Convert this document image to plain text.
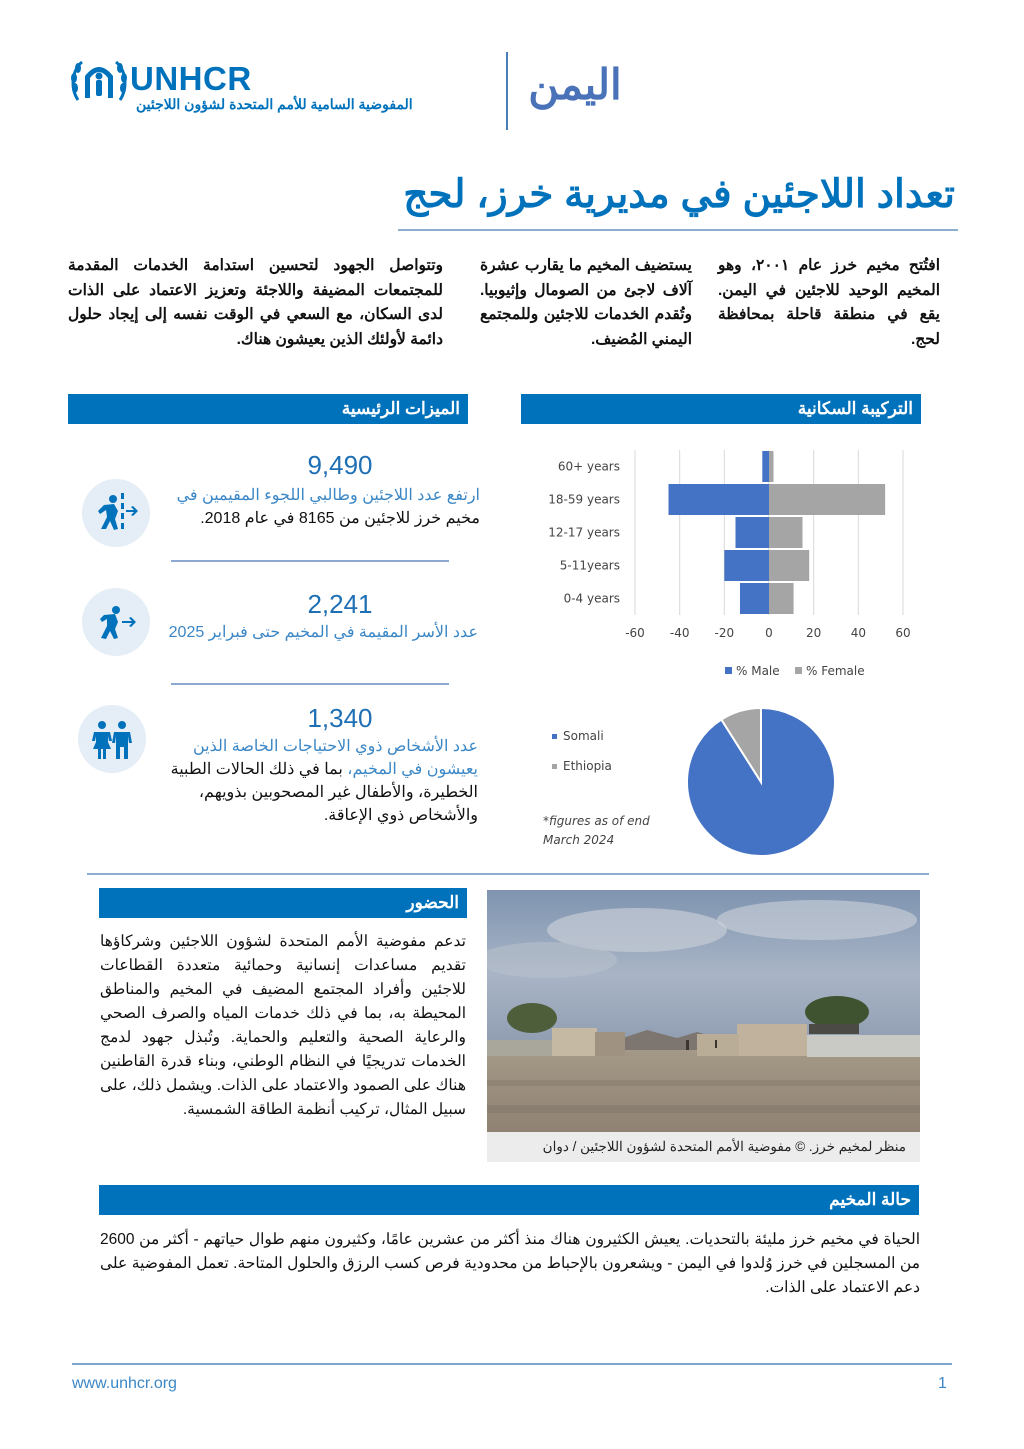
UNHCR
المفوضية السامية للأمم المتحدة لشؤون اللاجئين	اليمن
تعداد اللاجئين في مديرية خرز، لحج
افتُتح مخيم خرز عام ٢٠٠١، وهو المخيم الوحيد للاجئين في اليمن. يقع في منطقة قاحلة بمحافظة لحج.
يستضيف المخيم ما يقارب عشرة آلاف لاجئ من الصومال وإثيوبيا. وتُقدم الخدمات للاجئين وللمجتمع اليمني المُضيف.
وتتواصل الجهود لتحسين استدامة الخدمات المقدمة للمجتمعات المضيفة واللاجئة وتعزيز الاعتماد على الذات لدى السكان، مع السعي في الوقت نفسه إلى إيجاد حلول دائمة لأولئك الذين يعيشون هناك.
التركيبة السكانية
الميزات الرئيسية
9,490
ارتفع عدد اللاجئين وطالبي اللجوء المقيمين في
مخيم خرز للاجئين من 8165 في عام 2018.
2,241
عدد الأسر المقيمة في المخيم حتى فبراير 2025
1,340
عدد الأشخاص ذوي الاحتياجات الخاصة الذين يعيشون في المخيم، بما في ذلك الحالات الطبية الخطيرة، والأطفال غير المصحوبين بذويهم، والأشخاص ذوي الإعاقة.
-60 -40 -20	0	20 40 60
60+ years
18-59 years
12-17 years
5-11years
0-4 years
% Male % Female
Somali
Ethiopia
*figures as of end
March 2024
الحضور
تدعم مفوضية الأمم المتحدة لشؤون اللاجئين وشركاؤها تقديم مساعدات إنسانية وحمائية متعددة القطاعات للاجئين وأفراد المجتمع المضيف في المخيم والمناطق المحيطة به، بما في ذلك خدمات المياه والصرف الصحي والرعاية الصحية والتعليم والحماية. وتُبذل جهود لدمج الخدمات تدريجيًا في النظام الوطني، وبناء قدرة القاطنين هناك على الصمود والاعتماد على الذات. ويشمل ذلك، على سبيل المثال، تركيب أنظمة الطاقة الشمسية.
منظر لمخيم خرز. © مفوضية الأمم المتحدة لشؤون اللاجئين / دوان
حالة المخيم
الحياة في مخيم خرز مليئة بالتحديات. يعيش الكثيرون هناك منذ أكثر من عشرين عامًا، وكثيرون منهم طوال حياتهم - أكثر من 2600 من المسجلين في خرز وُلدوا في اليمن - ويشعرون بالإحباط من محدودية فرص كسب الرزق والحلول المتاحة. تعمل المفوضية على دعم الاعتماد على الذات.
www.unhcr.org	1
